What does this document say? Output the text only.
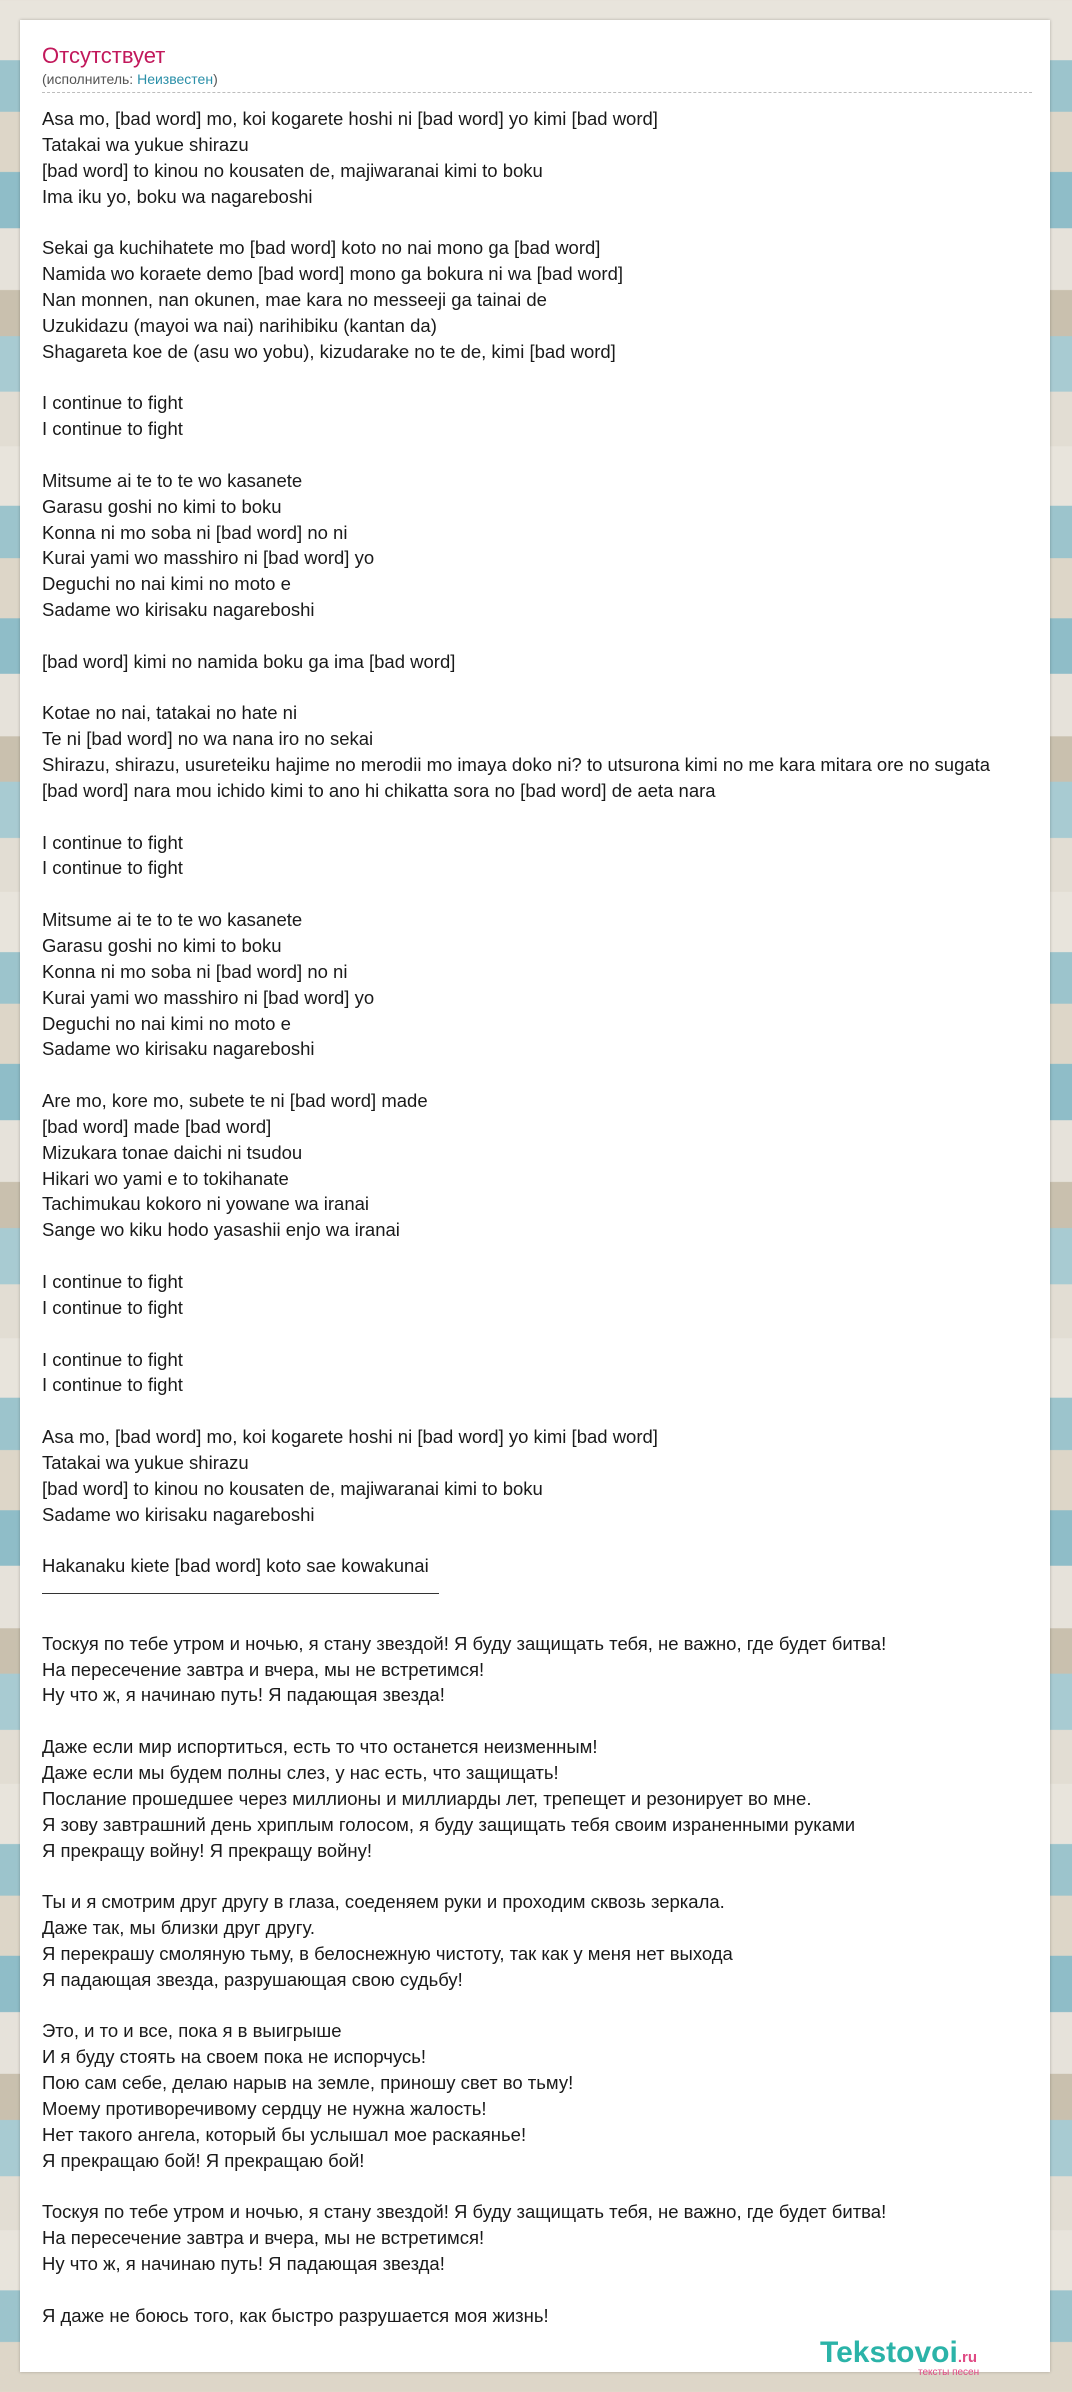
Отсутствует
(исполнитель: Неизвестен)
Asa mo, [bad word] mo, koi kogarete hoshi ni [bad word] yo kimi [bad word]
Tatakai wa yukue shirazu
[bad word] to kinou no kousaten de, majiwaranai kimi to boku
Ima iku yo, boku wa nagareboshi
Sekai ga kuchihatete mo [bad word] koto no nai mono ga [bad word]
Namida wo koraete demo [bad word] mono ga bokura ni wa [bad word]
Nan monnen, nan okunen, mae kara no messeeji ga tainai de
Uzukidazu (mayoi wa nai) narihibiku (kantan da)
Shagareta koe de (asu wo yobu), kizudarake no te de, kimi [bad word]
I continue to fight
I continue to fight
Mitsume ai te to te wo kasanete
Garasu goshi no kimi to boku
Konna ni mo soba ni [bad word] no ni
Kurai yami wo masshiro ni [bad word] yo
Deguchi no nai kimi no moto e
Sadame wo kirisaku nagareboshi
[bad word] kimi no namida boku ga ima [bad word]
Kotae no nai, tatakai no hate ni
Te ni [bad word] no wa nana iro no sekai
Shirazu, shirazu, usureteiku hajime no merodii mo imaya doko ni? to utsurona kimi no me kara mitara ore no sugata
[bad word] nara mou ichido kimi to ano hi chikatta sora no [bad word] de aeta nara
I continue to fight
I continue to fight
Mitsume ai te to te wo kasanete
Garasu goshi no kimi to boku
Konna ni mo soba ni [bad word] no ni
Kurai yami wo masshiro ni [bad word] yo
Deguchi no nai kimi no moto e
Sadame wo kirisaku nagareboshi
Are mo, kore mo, subete te ni [bad word] made
[bad word] made [bad word]
Mizukara tonae daichi ni tsudou
Hikari wo yami e to tokihanate
Tachimukau kokoro ni yowane wa iranai
Sange wo kiku hodo yasashii enjo wa iranai
I continue to fight
I continue to fight
I continue to fight
I continue to fight
Asa mo, [bad word] mo, koi kogarete hoshi ni [bad word] yo kimi [bad word]
Tatakai wa yukue shirazu
[bad word] to kinou no kousaten de, majiwaranai kimi to boku
Sadame wo kirisaku nagareboshi
Hakanaku kiete [bad word] koto sae kowakunai
Тоскуя по тебе утром и ночью, я стану звездой! Я буду защищать тебя, не важно, где будет битва!
На пересечение завтра и вчера, мы не встретимся!
Ну что ж, я начинаю путь! Я падающая звезда!
Даже если мир испортиться, есть то что останется неизменным!
Даже если мы будем полны слез, у нас есть, что защищать!
Послание прошедшее через миллионы и миллиарды лет, трепещет и резонирует во мне.
Я зову завтрашний день хриплым голосом, я буду защищать тебя своим израненными руками
Я прекращу войну! Я прекращу войну!
Ты и я смотрим друг другу в глаза, соеденяем руки и проходим сквозь зеркала.
Даже так, мы близки друг другу.
Я перекрашу смоляную тьму, в белоснежную чистоту, так как у меня нет выхода
Я падающая звезда, разрушающая свою судьбу!
Это, и то и все, пока я в выигрыше
И я буду стоять на своем пока не испорчусь!
Пою сам себе, делаю нарыв на земле, приношу свет во тьму!
Моему противоречивому сердцу не нужна жалость!
Нет такого ангела, который бы услышал мое раскаянье!
Я прекращаю бой! Я прекращаю бой!
Тоскуя по тебе утром и ночью, я стану звездой! Я буду защищать тебя, не важно, где будет битва!
На пересечение завтра и вчера, мы не встретимся!
Ну что ж, я начинаю путь! Я падающая звезда!
Я даже не боюсь того, как быстро разрушается моя жизнь!
Tekstovoi.ru
тексты песен
